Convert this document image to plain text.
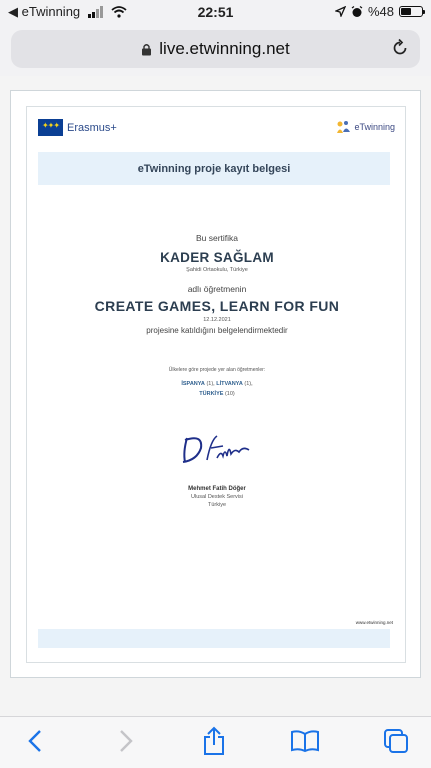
◀ eTwinning	22:51	%48
live.etwinning.net
✦✦✦ Erasmus+	eTwinning
eTwinning proje kayıt belgesi
Bu sertifika
KADER SAĞLAM
Şahidi Ortaokulu, Türkiye
adlı öğretmenin
CREATE GAMES, LEARN FOR FUN
12.12.2021
projesine katıldığını belgelendirmektedir
Ülkelere göre projede yer alan öğretmenler:
İSPANYA (1), LİTVANYA (1),
TÜRKİYE (10)
Mehmet Fatih Döğer
Ulusal Destek Servisi
Türkiye
www.etwinning.net
